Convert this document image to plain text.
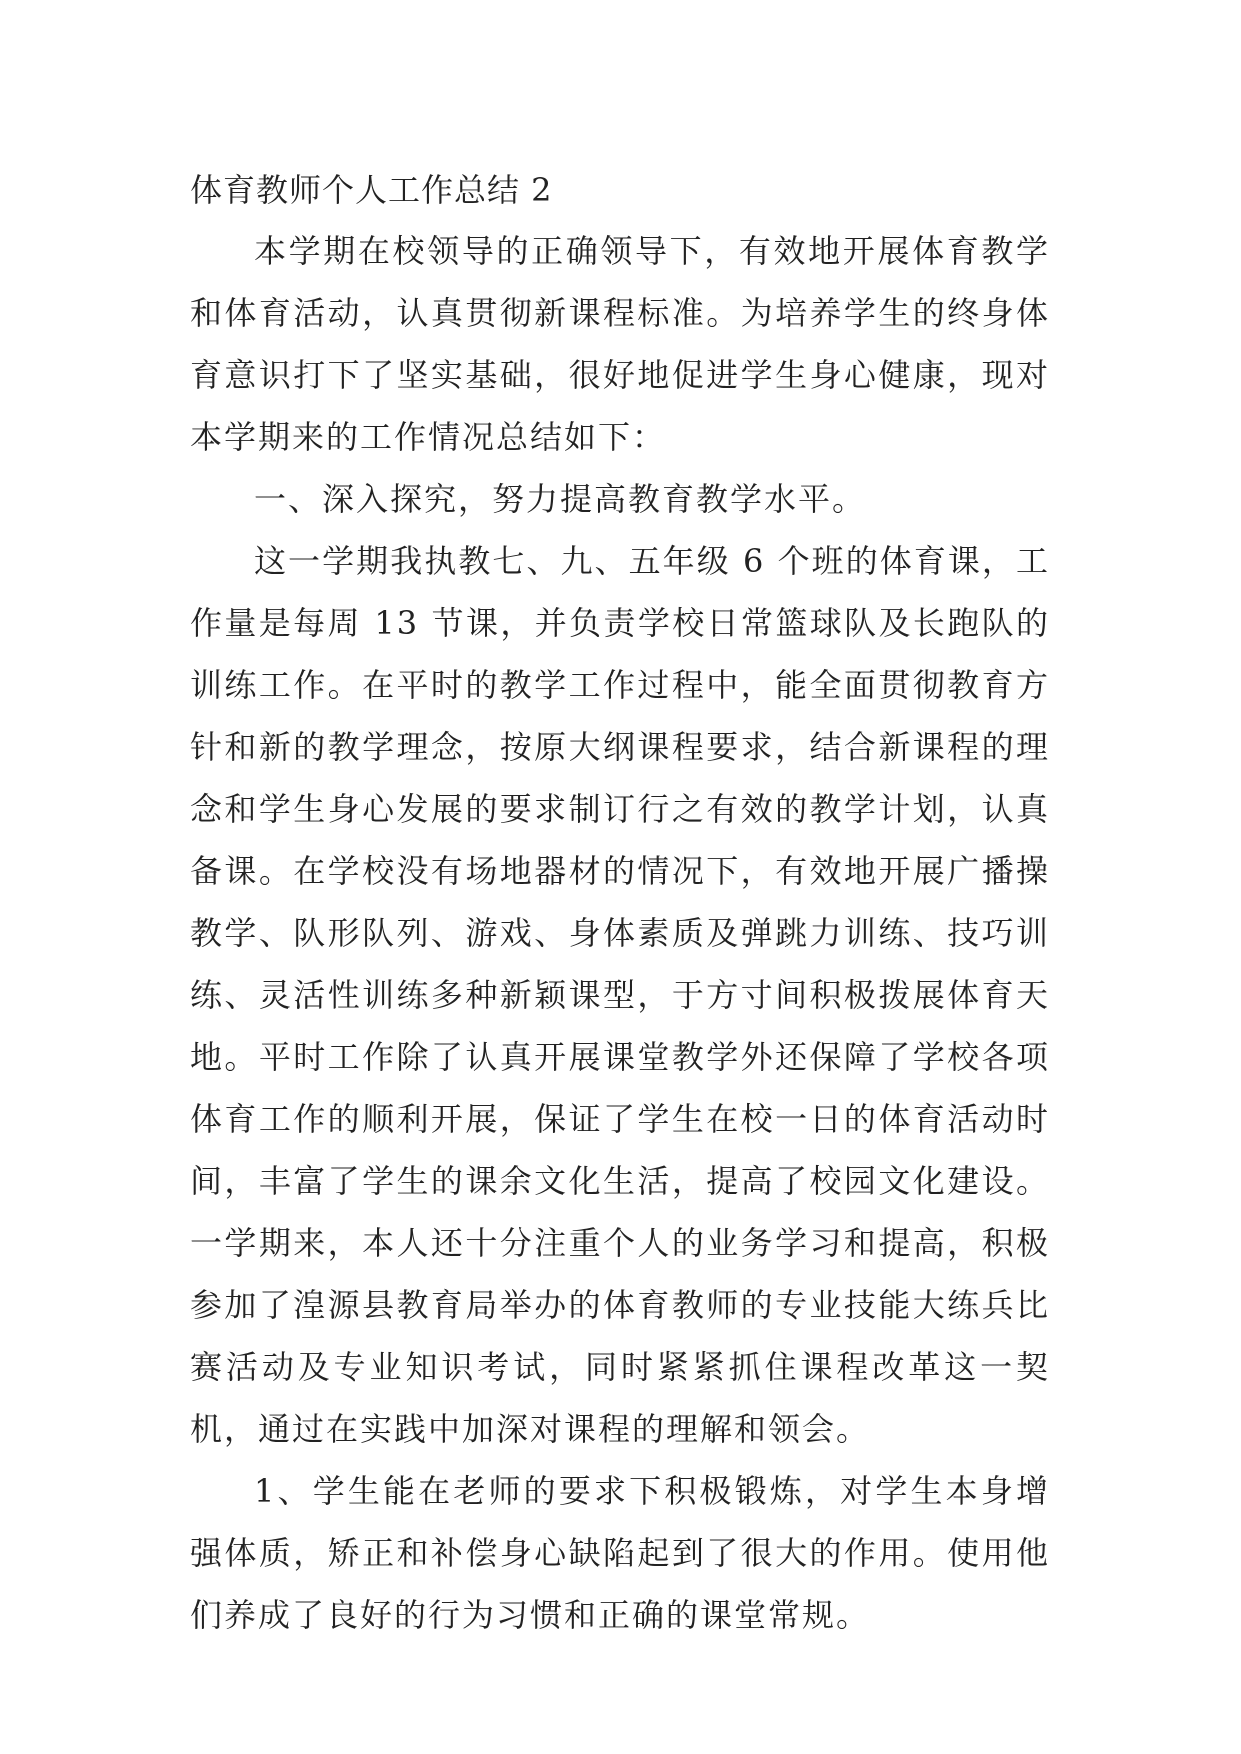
体育教师个人工作总结 2

本学期在校领导的正确领导下，有效地开展体育教学和体育活动，认真贯彻新课程标准。为培养学生的终身体育意识打下了坚实基础，很好地促进学生身心健康，现对本学期来的工作情况总结如下：

一、深入探究，努力提高教育教学水平。

这一学期我执教七、九、五年级 6 个班的体育课，工作量是每周 13 节课，并负责学校日常篮球队及长跑队的训练工作。在平时的教学工作过程中，能全面贯彻教育方针和新的教学理念，按原大纲课程要求，结合新课程的理念和学生身心发展的要求制订行之有效的教学计划，认真备课。在学校没有场地器材的情况下，有效地开展广播操教学、队形队列、游戏、身体素质及弹跳力训练、技巧训练、灵活性训练多种新颖课型，于方寸间积极拨展体育天地。平时工作除了认真开展课堂教学外还保障了学校各项体育工作的顺利开展，保证了学生在校一日的体育活动时间，丰富了学生的课余文化生活，提高了校园文化建设。一学期来，本人还十分注重个人的业务学习和提高，积极参加了湟源县教育局举办的体育教师的专业技能大练兵比赛活动及专业知识考试，同时紧紧抓住课程改革这一契机，通过在实践中加深对课程的理解和领会。

1、学生能在老师的要求下积极锻炼，对学生本身增强体质，矫正和补偿身心缺陷起到了很大的作用。使用他们养成了良好的行为习惯和正确的课堂常规。
